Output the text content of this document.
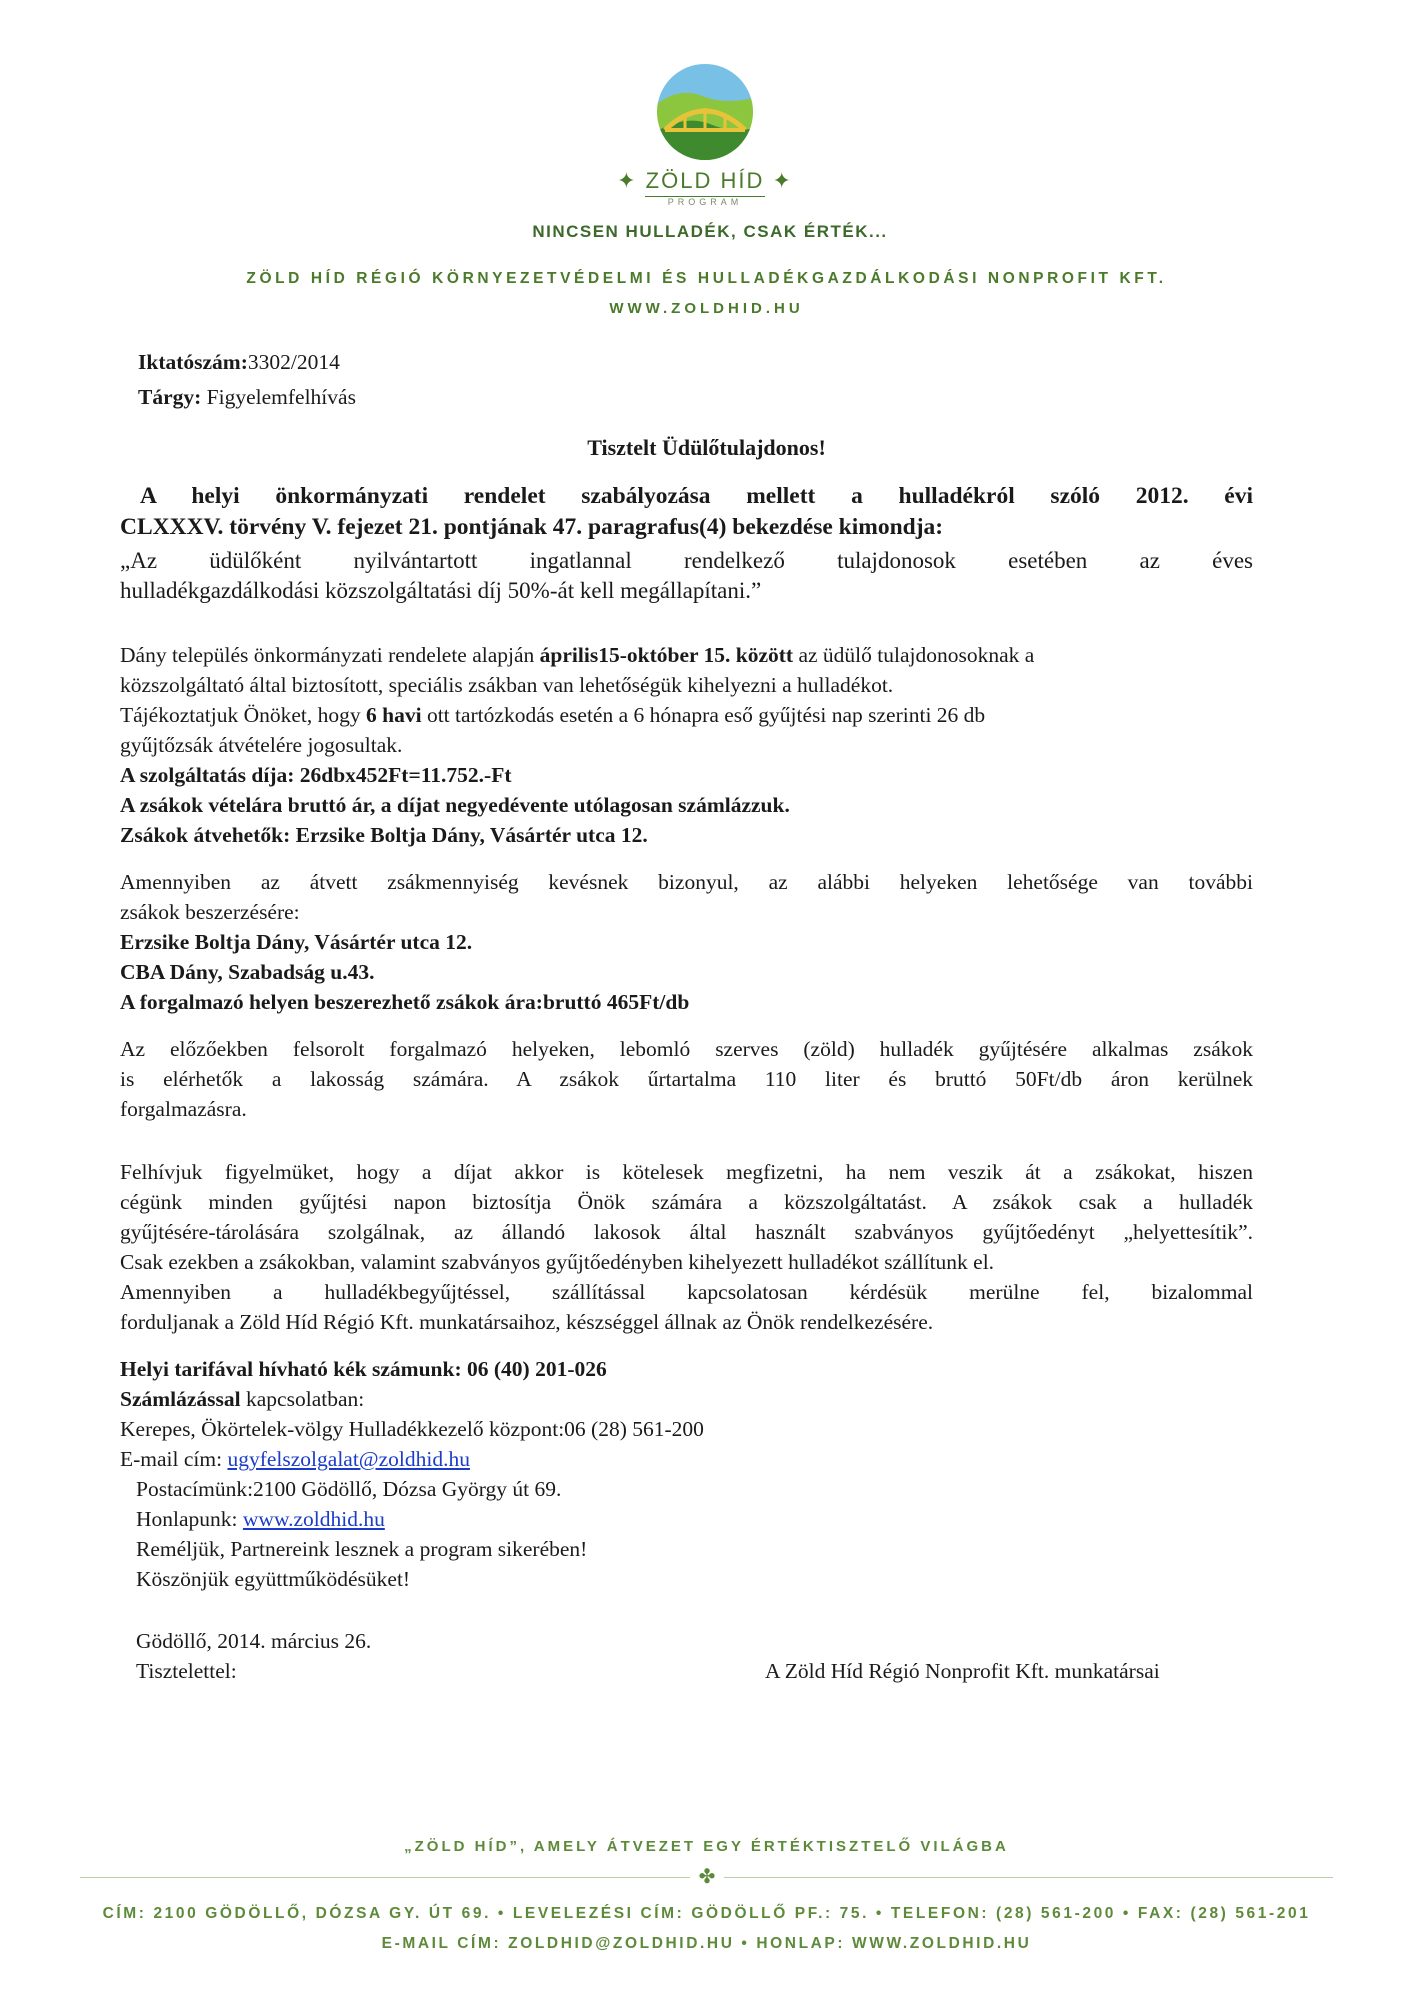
✦ ZÖLD HÍD ✦
PROGRAM
NINCSEN HULLADÉK, CSAK ÉRTÉK...
ZÖLD HÍD RÉGIÓ KÖRNYEZETVÉDELMI ÉS HULLADÉKGAZDÁLKODÁSI NONPROFIT KFT.
WWW.ZOLDHID.HU
Iktatószám:3302/2014
Tárgy: Figyelemfelhívás
Tisztelt Üdülőtulajdonos!
A helyi önkormányzati rendelet szabályozása mellett a hulladékról szóló 2012. évi
CLXXXV. törvény V. fejezet 21. pontjának 47. paragrafus(4) bekezdése kimondja:
„Az üdülőként nyilvántartott ingatlannal rendelkező tulajdonosok esetében az éves
hulladékgazdálkodási közszolgáltatási díj 50%-át kell megállapítani.”
Dány település önkormányzati rendelete alapján április15-október 15. között az üdülő tulajdonosoknak a
közszolgáltató által biztosított, speciális zsákban van lehetőségük kihelyezni a hulladékot.
Tájékoztatjuk Önöket, hogy 6 havi ott tartózkodás esetén a 6 hónapra eső gyűjtési nap szerinti 26 db
gyűjtőzsák átvételére jogosultak.
A szolgáltatás díja: 26dbx452Ft=11.752.-Ft
A zsákok vételára bruttó ár, a díjat negyedévente utólagosan számlázzuk.
Zsákok átvehetők: Erzsike Boltja Dány, Vásártér utca 12.
Amennyiben az átvett zsákmennyiség kevésnek bizonyul, az alábbi helyeken lehetősége van további
zsákok beszerzésére:
Erzsike Boltja Dány, Vásártér utca 12.
CBA Dány, Szabadság u.43.
A forgalmazó helyen beszerezhető zsákok ára:bruttó 465Ft/db
Az előzőekben felsorolt forgalmazó helyeken, lebomló szerves (zöld) hulladék gyűjtésére alkalmas zsákok
is elérhetők a lakosság számára. A zsákok űrtartalma 110 liter és bruttó 50Ft/db áron kerülnek
forgalmazásra.
Felhívjuk figyelmüket, hogy a díjat akkor is kötelesek megfizetni, ha nem veszik át a zsákokat, hiszen
cégünk minden gyűjtési napon biztosítja Önök számára a közszolgáltatást. A zsákok csak a hulladék
gyűjtésére-tárolására szolgálnak, az állandó lakosok által használt szabványos gyűjtőedényt „helyettesítik”.
Csak ezekben a zsákokban, valamint szabványos gyűjtőedényben kihelyezett hulladékot szállítunk el.
Amennyiben a hulladékbegyűjtéssel, szállítással kapcsolatosan kérdésük merülne fel, bizalommal
forduljanak a Zöld Híd Régió Kft. munkatársaihoz, készséggel állnak az Önök rendelkezésére.
Helyi tarifával hívható kék számunk: 06 (40) 201-026
Számlázással kapcsolatban:
Kerepes, Ökörtelek-völgy Hulladékkezelő központ:06 (28) 561-200
E-mail cím: ugyfelszolgalat@zoldhid.hu
Postacímünk:2100 Gödöllő, Dózsa György út 69.
Honlapunk: www.zoldhid.hu
Reméljük, Partnereink lesznek a program sikerében!
Köszönjük együttműködésüket!
Gödöllő, 2014. március 26.
Tisztelettel:	A Zöld Híd Régió Nonprofit Kft. munkatársai
„ZÖLD HÍD”, AMELY ÁTVEZET EGY ÉRTÉKTISZTELŐ VILÁGBA
✤
CÍM: 2100 GÖDÖLLŐ, DÓZSA GY. ÚT 69. • LEVELEZÉSI CÍM: GÖDÖLLŐ PF.: 75. • TELEFON: (28) 561-200 • FAX: (28) 561-201
E-MAIL CÍM: ZOLDHID@ZOLDHID.HU • HONLAP: WWW.ZOLDHID.HU
